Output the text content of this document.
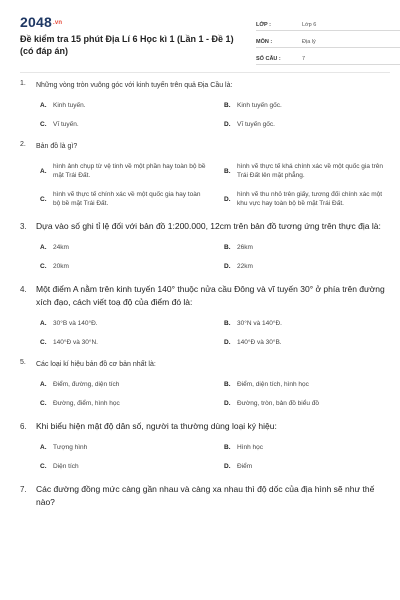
2048.vn
Đề kiểm tra 15 phút Địa Lí 6 Học kì 1 (Lần 1 - Đề 1) (có đáp án)
LỚP :	Lớp 6
MÔN :	Địa lý
SỐ CÂU :	7
1.	Những vòng tròn vuông góc với kinh tuyến trên quả Địa Cầu là:
A.	Kinh tuyến.	B.	Kinh tuyến gốc.
C.	Vĩ tuyến.	D.	Vĩ tuyến gốc.
2.	Bản đồ là gì?
A.
hình ảnh chụp từ vệ tinh về một phần hay toàn bộ bề mặt Trái Đất.
B.
hình vẽ thực tế khá chính xác về một quốc gia trên Trái Đất lên mặt phẳng.
C.
hình vẽ thực tế chính xác về một quốc gia hay toàn bộ bề mặt Trái Đất.
D.
hình vẽ thu nhỏ trên giấy, tương đối chính xác một khu vực hay toàn bộ bề mặt Trái Đất.
3.	Dựa vào số ghi tỉ lệ đối với bản đồ 1:200.000, 12cm trên bản đồ tương ứng trên thực địa là:
A.	24km	B.	26km
C.	20km	D.	22km
4.	Một điểm A nằm trên kinh tuyến 140° thuộc nửa cầu Đông và vĩ tuyến 30° ở phía trên đường xích đạo, cách viết toạ độ của điểm đó là:
A.	30°B và 140°Đ.	B.	30°N và 140°Đ.
C.	140°Đ và 30°N.	D.	140°Đ và 30°B.
5.	Các loại kí hiệu bản đồ cơ bản nhất là:
A.	Điểm, đường, diện tích	B.	Điểm, diện tích, hình học
C.	Đường, điểm, hình học	D.	Đường, tròn, bản đồ biểu đồ
6.	Khi biểu hiện mật độ dân số, người ta thường dùng loại ký hiệu:
A.	Tượng hình	B.	Hình học
C.	Diện tích	D.	Điểm
7.	Các đường đồng mức càng gần nhau và càng xa nhau thì độ dốc của địa hình sẽ như thế nào?
